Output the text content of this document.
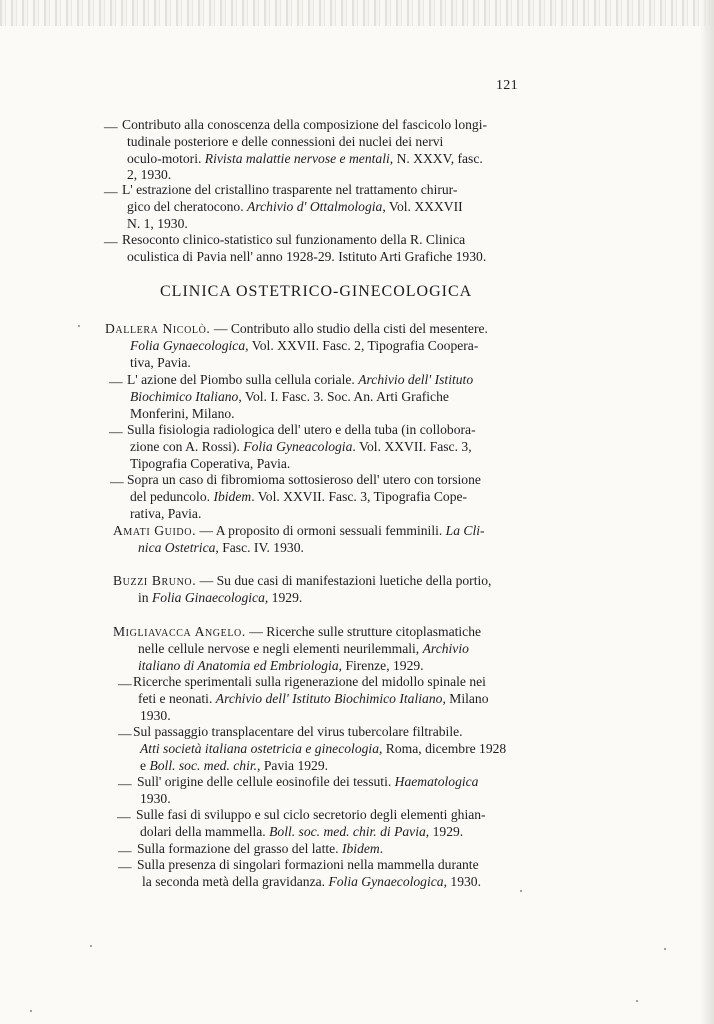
121
— Contributo alla conoscenza della composizione del fascicolo longi-
tudinale posteriore e delle connessioni dei nuclei dei nervi
oculo-motori. Rivista malattie nervose e mentali, N. XXXV, fasc.
2, 1930.
— L' estrazione del cristallino trasparente nel trattamento chirur-
gico del cheratocono. Archivio d' Ottalmologia, Vol. XXXVII
N. 1, 1930.
— Resoconto clinico-statistico sul funzionamento della R. Clinica
oculistica di Pavia nell' anno 1928-29. Istituto Arti Grafiche 1930.
Dallera Nicolò. — Contributo allo studio della cisti del mesentere.
Folia Gynaecologica, Vol. XXVII. Fasc. 2, Tipografia Coopera-
tiva, Pavia.
— L' azione del Piombo sulla cellula coriale. Archivio dell' Istituto
Biochimico Italiano, Vol. I. Fasc. 3. Soc. An. Arti Grafiche
Monferini, Milano.
— Sulla fisiologia radiologica dell' utero e della tuba (in collobora-
zione con A. Rossi). Folia Gyneacologia. Vol. XXVII. Fasc. 3,
Tipografia Coperativa, Pavia.
— Sopra un caso di fibromioma sottosieroso dell' utero con torsione
del peduncolo. Ibidem. Vol. XXVII. Fasc. 3, Tipografia Cope-
rativa, Pavia.
Amati Guido. — A proposito di ormoni sessuali femminili. La Cli-
nica Ostetrica, Fasc. IV. 1930.
Buzzi Bruno. — Su due casi di manifestazioni luetiche della portio,
in Folia Ginaecologica, 1929.
Migliavacca Angelo. — Ricerche sulle strutture citoplasmatiche
nelle cellule nervose e negli elementi neurilemmali, Archivio
italiano di Anatomia ed Embriologia, Firenze, 1929.
— Ricerche sperimentali sulla rigenerazione del midollo spinale nei
feti e neonati. Archivio dell' Istituto Biochimico Italiano, Milano
1930.
— Sul passaggio transplacentare del virus tubercolare filtrabile.
Atti società italiana ostetricia e ginecologia, Roma, dicembre 1928
e Boll. soc. med. chir., Pavia 1929.
— Sull' origine delle cellule eosinofile dei tessuti. Haematologica
1930.
— Sulle fasi di sviluppo e sul ciclo secretorio degli elementi ghian-
dolari della mammella. Boll. soc. med. chir. di Pavia, 1929.
— Sulla formazione del grasso del latte. Ibidem.
— Sulla presenza di singolari formazioni nella mammella durante
la seconda metà della gravidanza. Folia Gynaecologica, 1930.
CLINICA OSTETRICO-GINECOLOGICA
